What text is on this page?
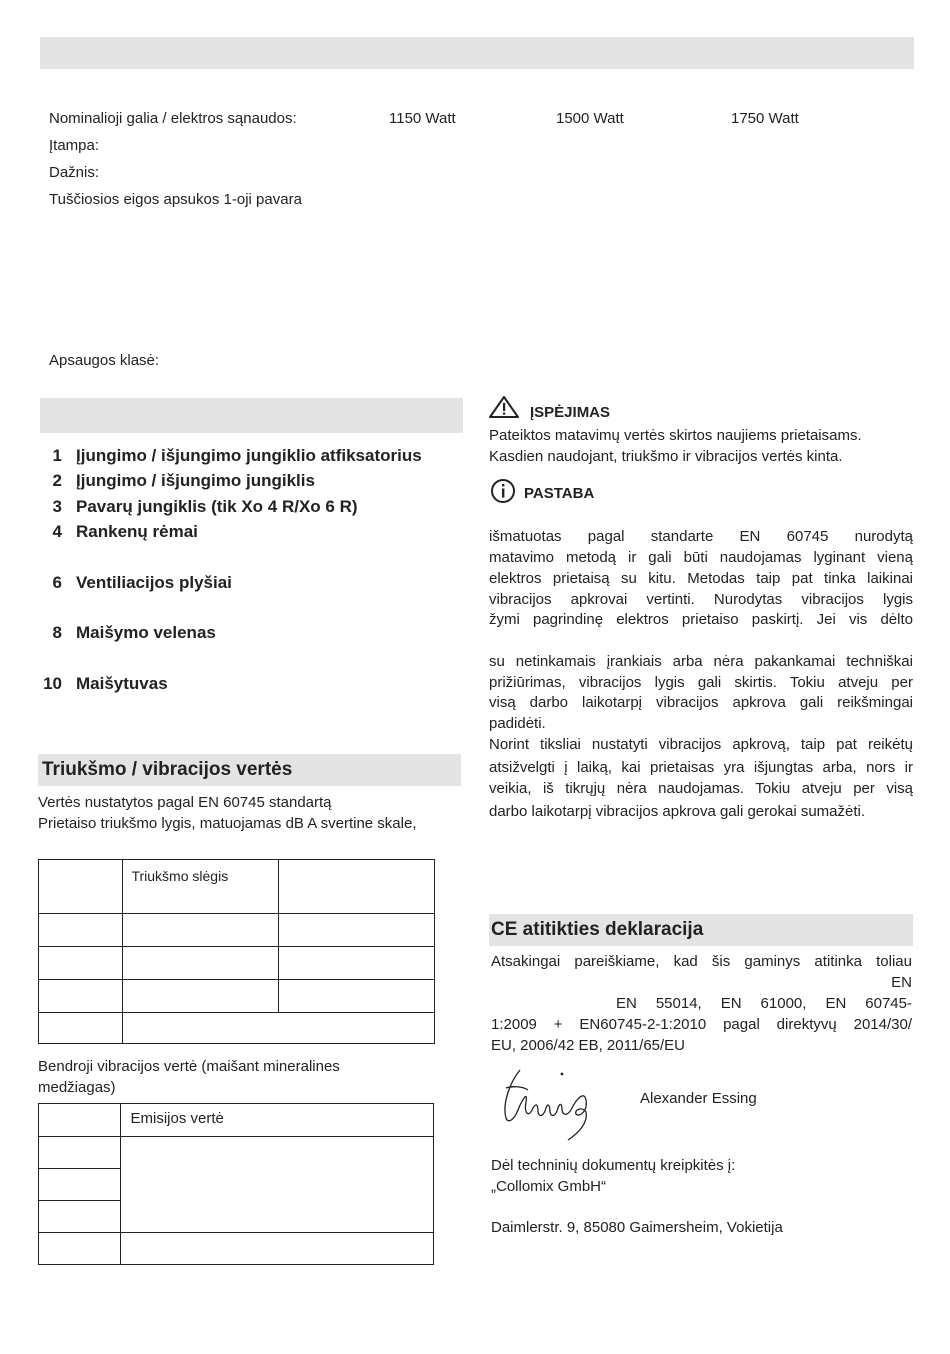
Nominalioji galia / elektros sąnaudos:	1150 Watt	1500 Watt	1750 Watt
Įtampa:
Dažnis:
Tuščiosios eigos apsukos 1-oji pavara
Apsaugos klasė:
1 Įjungimo / išjungimo jungiklio atfiksatorius
2 Įjungimo / išjungimo jungiklis
3 Pavarų jungiklis (tik Xo 4 R/Xo 6 R)
4 Rankenų rėmai
6 Ventiliacijos plyšiai
8 Maišymo velenas
10 Maišytuvas
Triukšmo / vibracijos vertės
Vertės nustatytos pagal EN 60745 standartą
Prietaiso triukšmo lygis, matuojamas dB A svertine skale,

	Triukšmo slėgis	

Bendroji vibracijos vertė (maišant mineralines
medžiagas)

	Emisijos vertė

ĮSPĖJIMAS
Pateiktos matavimų vertės skirtos naujiems prietaisams.
Kasdien naudojant, triukšmo ir vibracijos vertės kinta.
PASTABA
išmatuotas pagal standarte EN 60745 nurodytą
matavimo metodą ir gali būti naudojamas lyginant vieną
elektros prietaisą su kitu. Metodas taip pat tinka laikinai
vibracijos apkrovai vertinti. Nurodytas vibracijos lygis
žymi pagrindinę elektros prietaiso paskirtį. Jei vis dėlto
su netinkamais įrankiais arba nėra pakankamai techniškai
prižiūrimas, vibracijos lygis gali skirtis. Tokiu atveju per
visą darbo laikotarpį vibracijos apkrova gali reikšmingai
padidėti.
Norint tiksliai nustatyti vibracijos apkrovą, taip pat reikėtų
atsižvelgti į laiką, kai prietaisas yra išjungtas arba, nors ir
veikia, iš tikrųjų nėra naudojamas. Tokiu atveju per visą
darbo laikotarpį vibracijos apkrova gali gerokai sumažėti.
CE atitikties deklaracija
Atsakingai pareiškiame, kad šis gaminys atitinka toliau
EN
EN 55014, EN 61000, EN 60745-
1:2009 + EN60745-2-1:2010 pagal direktyvų 2014/30/
EU, 2006/42 EB, 2011/65/EU
Alexander Essing
Dėl techninių dokumentų kreipkitės į:
„Collomix GmbH“
Daimlerstr. 9, 85080 Gaimersheim, Vokietija
